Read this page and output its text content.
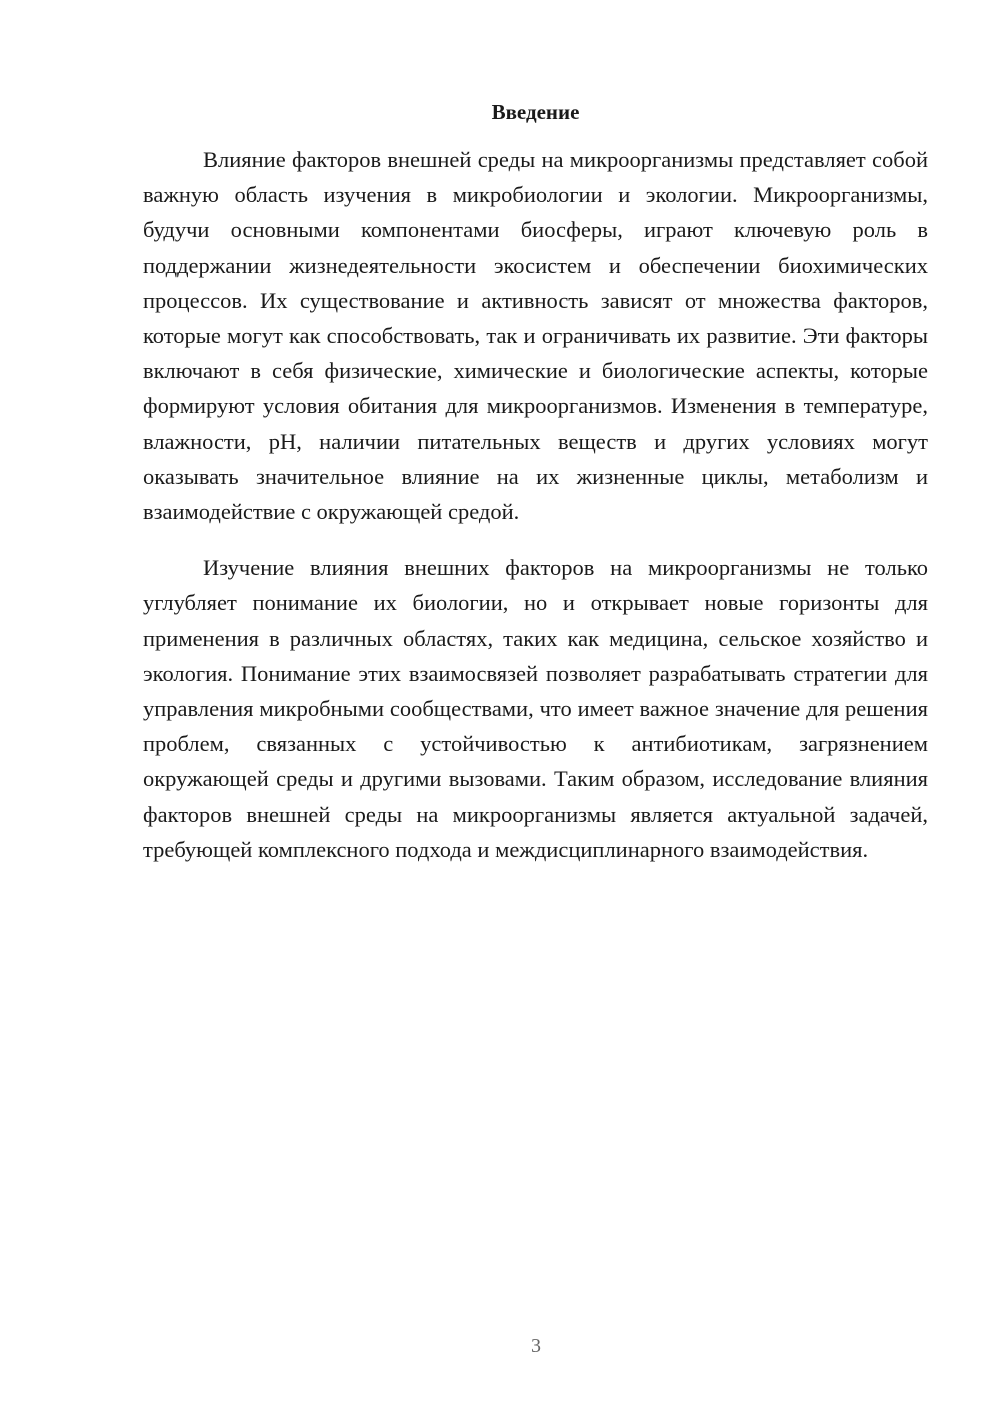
Введение

Влияние факторов внешней среды на микроорганизмы представляет собой важную область изучения в микробиологии и экологии. Микроорганизмы, будучи основными компонентами биосферы, играют ключевую роль в поддержании жизнедеятельности экосистем и обеспечении биохимических процессов. Их существование и активность зависят от множества факторов, которые могут как способствовать, так и ограничивать их развитие. Эти факторы включают в себя физические, химические и биологические аспекты, которые формируют условия обитания для микроорганизмов. Изменения в температуре, влажности, pH, наличии питательных веществ и других условиях могут оказывать значительное влияние на их жизненные циклы, метаболизм и взаимодействие с окружающей средой.

Изучение влияния внешних факторов на микроорганизмы не только углубляет понимание их биологии, но и открывает новые горизонты для применения в различных областях, таких как медицина, сельское хозяйство и экология. Понимание этих взаимосвязей позволяет разрабатывать стратегии для управления микробными сообществами, что имеет важное значение для решения проблем, связанных с устойчивостью к антибиотикам, загрязнением окружающей среды и другими вызовами. Таким образом, исследование влияния факторов внешней среды на микроорганизмы является актуальной задачей, требующей комплексного подхода и междисциплинарного взаимодействия.

3
